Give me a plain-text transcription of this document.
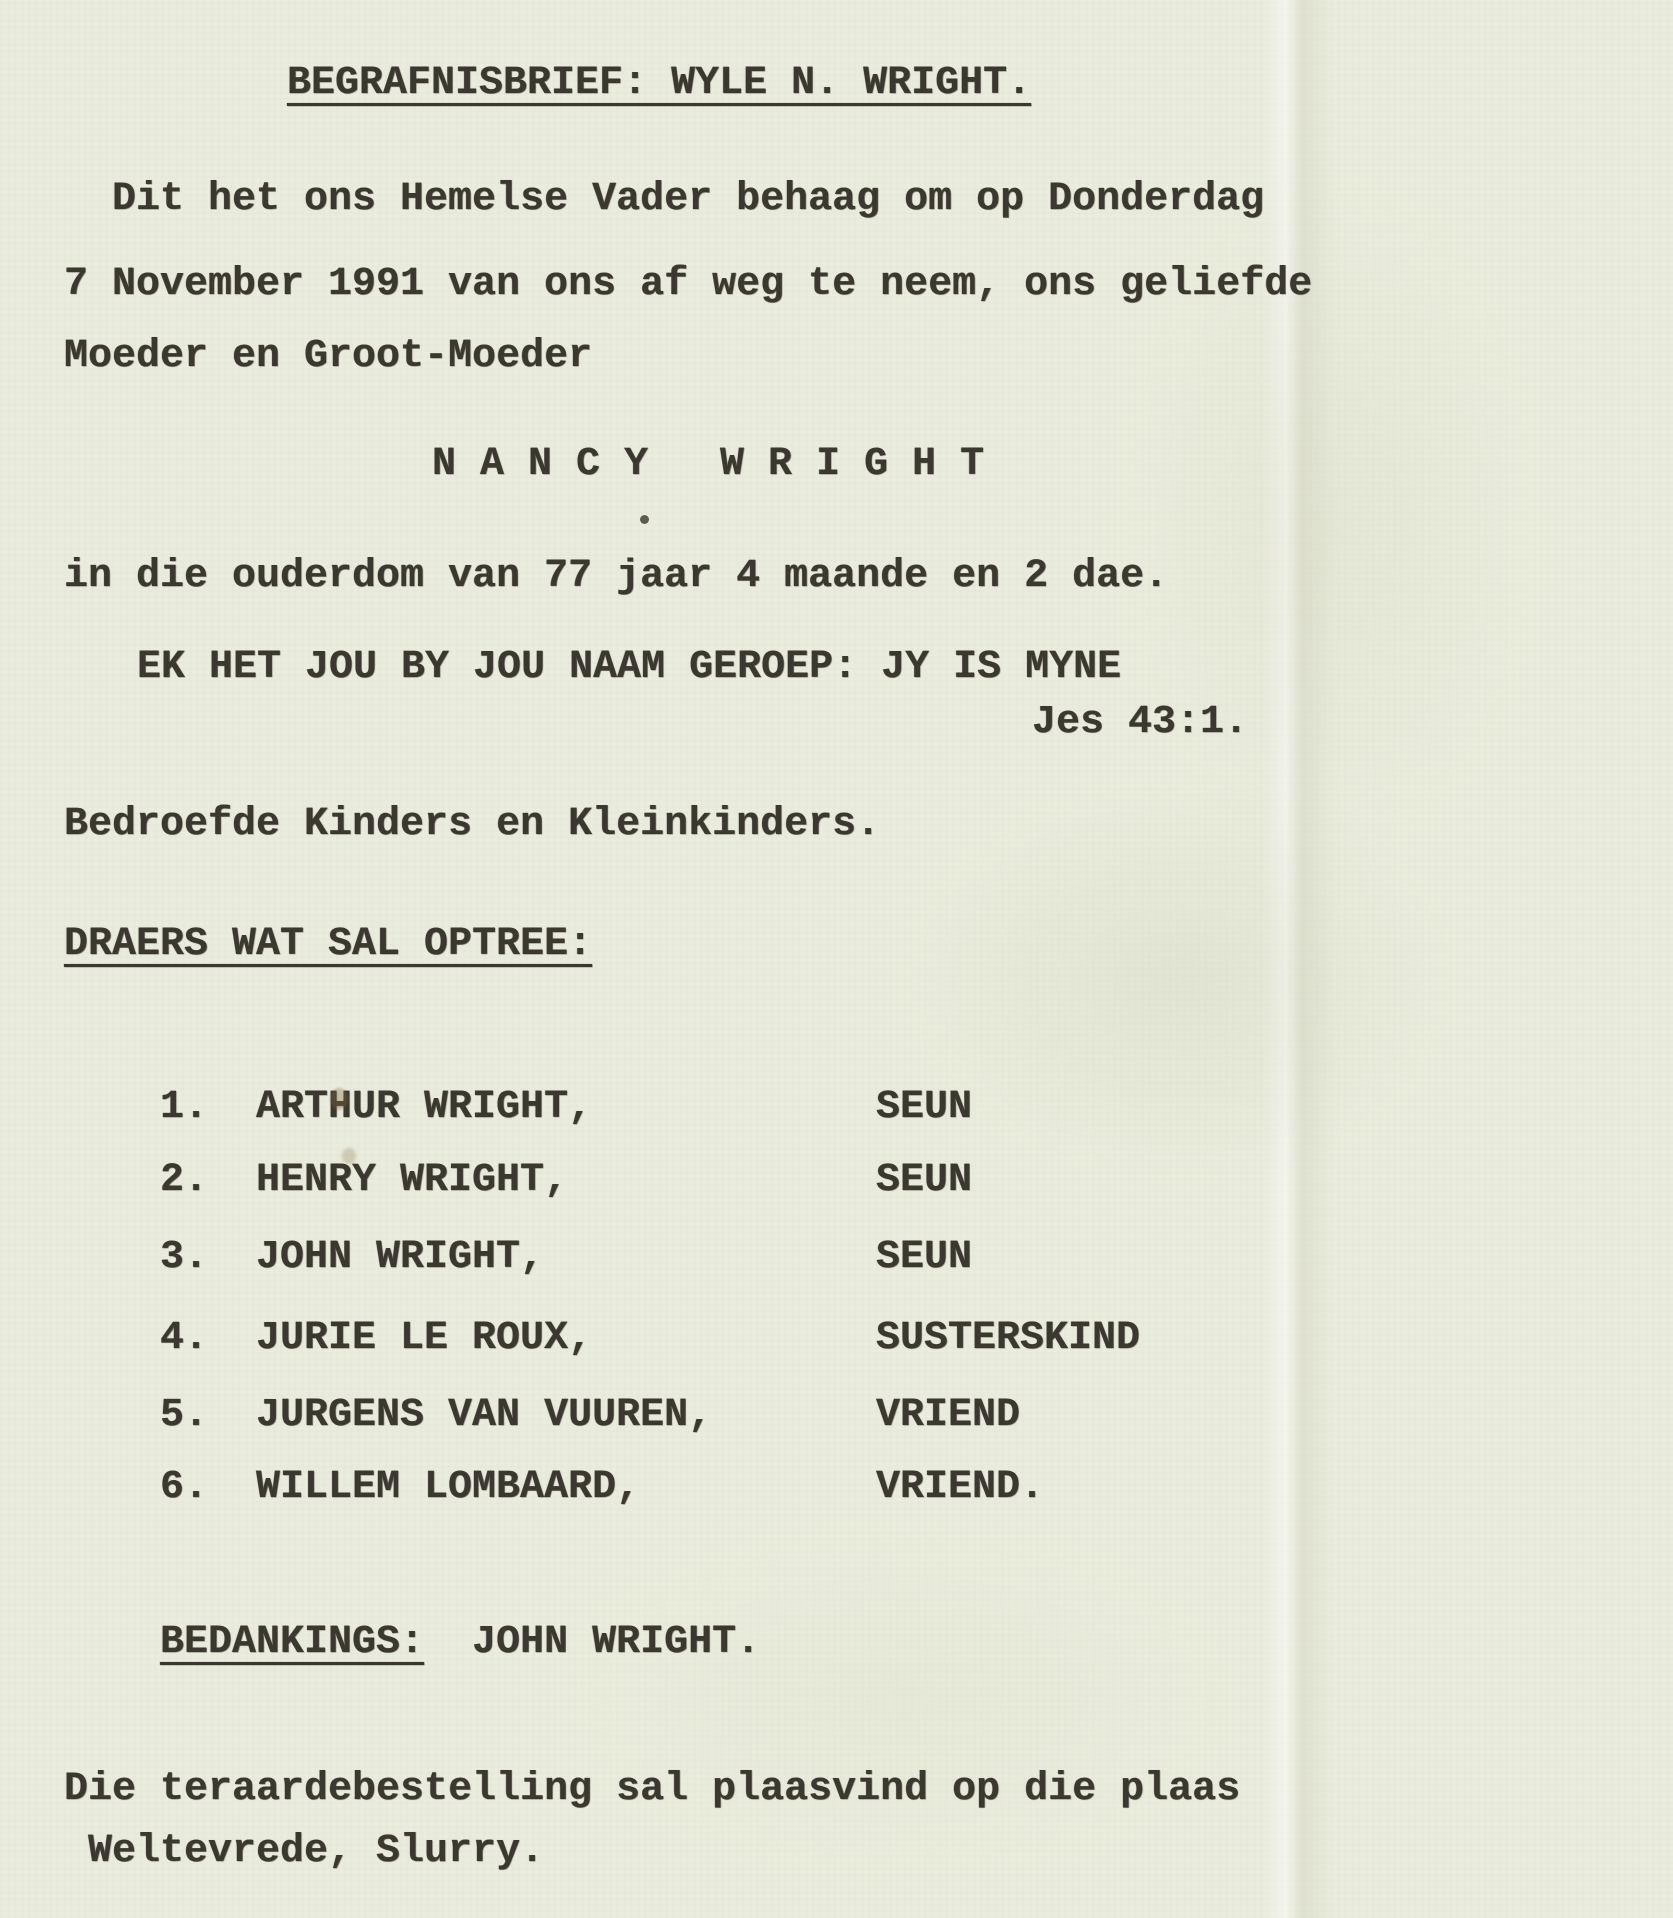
BEGRAFNISBRIEF: WYLE N. WRIGHT.
Dit het ons Hemelse Vader behaag om op Donderdag
7 November 1991 van ons af weg te neem, ons geliefde
Moeder en Groot-Moeder
N A N C Y   W R I G H T
in die ouderdom van 77 jaar 4 maande en 2 dae.
EK HET JOU BY JOU NAAM GEROEP: JY IS MYNE
Jes 43:1.
Bedroefde Kinders en Kleinkinders.
DRAERS WAT SAL OPTREE:

1. ARTHUR WRIGHT,	SEUN

2. HENRY WRIGHT,	SEUN

3. JOHN WRIGHT,	SEUN

4. JURIE LE ROUX,	SUSTERSKIND

5. JURGENS VAN VUUREN,	VRIEND

6. WILLEM LOMBAARD,	VRIEND.

BEDANKINGS: JOHN WRIGHT.

Die teraardebestelling sal plaasvind op die plaas
Weltevrede, Slurry.
